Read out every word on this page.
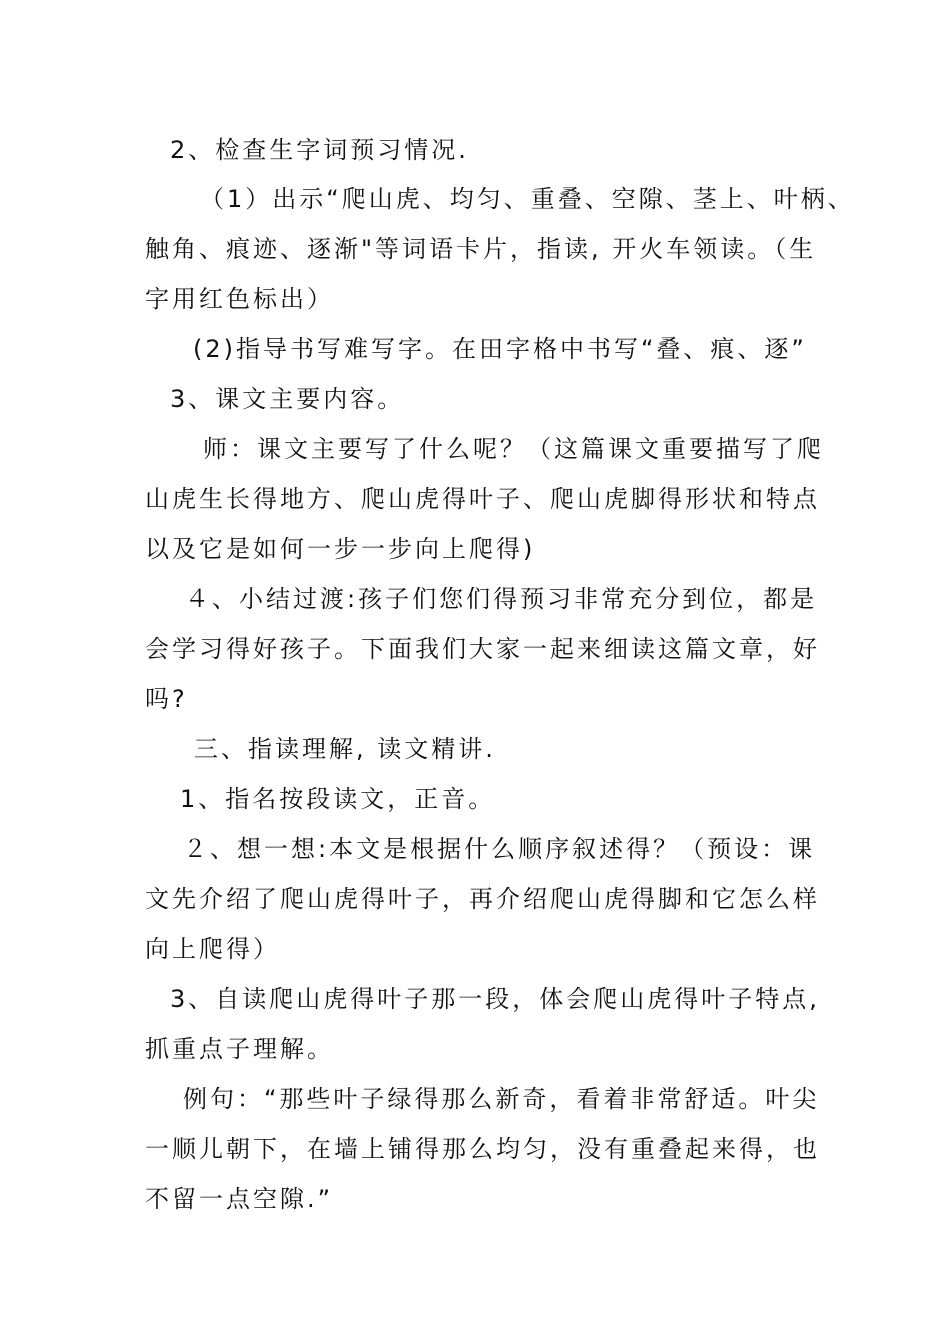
2、检查生字词预习情况.
（1）出示“爬山虎、均匀、重叠、空隙、茎上、叶柄、
触角、痕迹、逐渐"等词语卡片，指读, 开火车领读。（生
字用红色标出）
(2)指导书写难写字。在田字格中书写“叠、痕、逐”
3、课文主要内容。
师：课文主要写了什么呢？（这篇课文重要描写了爬
山虎生长得地方、爬山虎得叶子、爬山虎脚得形状和特点
以及它是如何一步一步向上爬得)
４、小结过渡:孩子们您们得预习非常充分到位，都是
会学习得好孩子。下面我们大家一起来细读这篇文章，好
吗?
三、指读理解, 读文精讲.
1、指名按段读文，正音。
２、想一想:本文是根据什么顺序叙述得？（预设：课
文先介绍了爬山虎得叶子，再介绍爬山虎得脚和它怎么样
向上爬得）
3、自读爬山虎得叶子那一段，体会爬山虎得叶子特点,
抓重点子理解。
例句：“那些叶子绿得那么新奇，看着非常舒适。叶尖
一顺儿朝下，在墙上铺得那么均匀，没有重叠起来得，也
不留一点空隙.”
